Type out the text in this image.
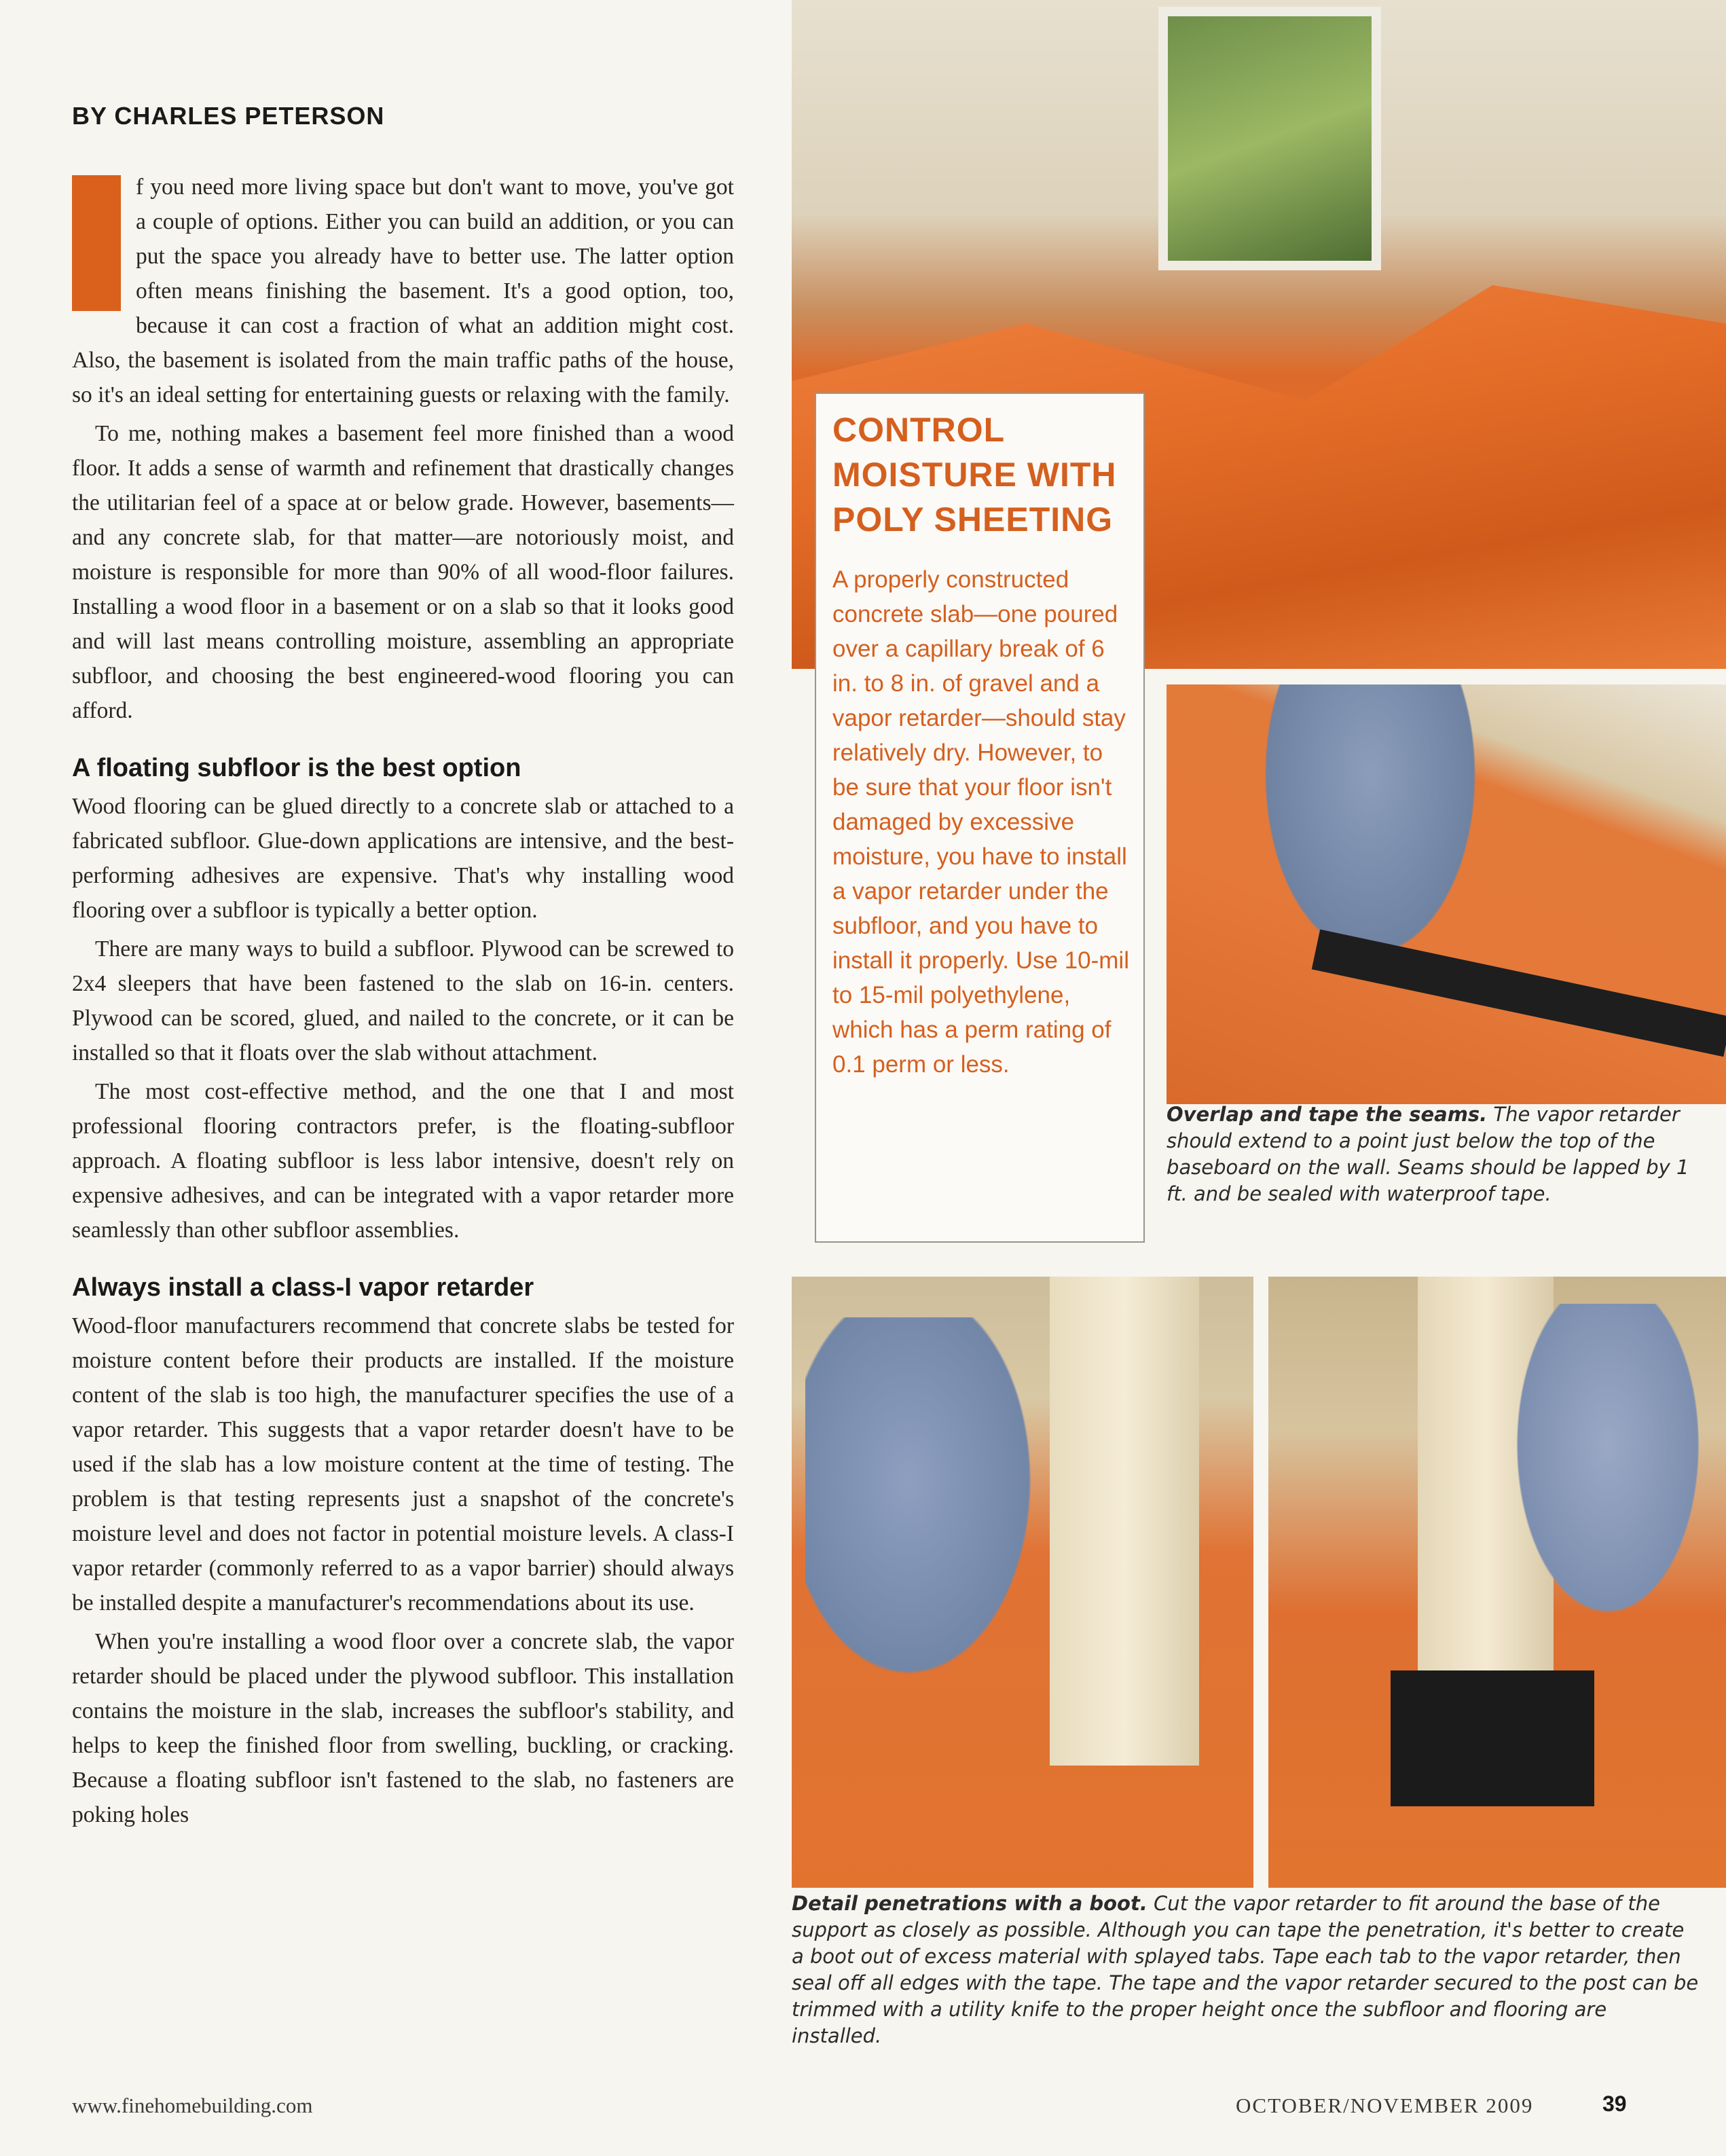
BY CHARLES PETERSON

f you need more living space but don't want to move, you've got a couple of options. Either you can build an addition, or you can put the space you already have to better use. The latter option often means finishing the basement. It's a good option, too, because it can cost a fraction of what an addition might cost. Also, the basement is isolated from the main traffic paths of the house, so it's an ideal setting for entertaining guests or relaxing with the family.

To me, nothing makes a basement feel more finished than a wood floor. It adds a sense of warmth and refinement that drastically changes the utilitarian feel of a space at or below grade. However, basements—and any concrete slab, for that matter—are notoriously moist, and moisture is responsible for more than 90% of all wood-floor failures. Installing a wood floor in a basement or on a slab so that it looks good and will last means controlling moisture, assembling an appropriate subfloor, and choosing the best engineered-wood flooring you can afford.

A floating subfloor is the best option

Wood flooring can be glued directly to a concrete slab or attached to a fabricated subfloor. Glue-down applications are intensive, and the best-performing adhesives are expensive. That's why installing wood flooring over a subfloor is typically a better option.

There are many ways to build a subfloor. Plywood can be screwed to 2x4 sleepers that have been fastened to the slab on 16-in. centers. Plywood can be scored, glued, and nailed to the concrete, or it can be installed so that it floats over the slab without attachment.

The most cost-effective method, and the one that I and most professional flooring contractors prefer, is the floating-subfloor approach. A floating subfloor is less labor intensive, doesn't rely on expensive adhesives, and can be integrated with a vapor retarder more seamlessly than other subfloor assemblies.

Always install a class-I vapor retarder

Wood-floor manufacturers recommend that concrete slabs be tested for moisture content before their products are installed. If the moisture content of the slab is too high, the manufacturer specifies the use of a vapor retarder. This suggests that a vapor retarder doesn't have to be used if the slab has a low moisture content at the time of testing. The problem is that testing represents just a snapshot of the concrete's moisture level and does not factor in potential moisture levels. A class-I vapor retarder (commonly referred to as a vapor barrier) should always be installed despite a manufacturer's recommendations about its use.

When you're installing a wood floor over a concrete slab, the vapor retarder should be placed under the plywood subfloor. This installation contains the moisture in the slab, increases the subfloor's stability, and helps to keep the finished floor from swelling, buckling, or cracking. Because a floating subfloor isn't fastened to the slab, no fasteners are poking holes

CONTROL MOISTURE WITH POLY SHEETING
A properly constructed concrete slab—one poured over a capillary break of 6 in. to 8 in. of gravel and a vapor retarder—should stay relatively dry. However, to be sure that your floor isn't damaged by excessive moisture, you have to install a vapor retarder under the subfloor, and you have to install it properly. Use 10-mil to 15-mil polyethylene, which has a perm rating of 0.1 perm or less.
Overlap and tape the seams. The vapor retarder should extend to a point just below the top of the baseboard on the wall. Seams should be lapped by 1 ft. and be sealed with waterproof tape.
Detail penetrations with a boot. Cut the vapor retarder to fit around the base of the support as closely as possible. Although you can tape the penetration, it's better to create a boot out of excess material with splayed tabs. Tape each tab to the vapor retarder, then seal off all edges with the tape. The tape and the vapor retarder secured to the post can be trimmed with a utility knife to the proper height once the subfloor and flooring are installed.
www.finehomebuilding.com	OCTOBER/NOVEMBER 2009	39
